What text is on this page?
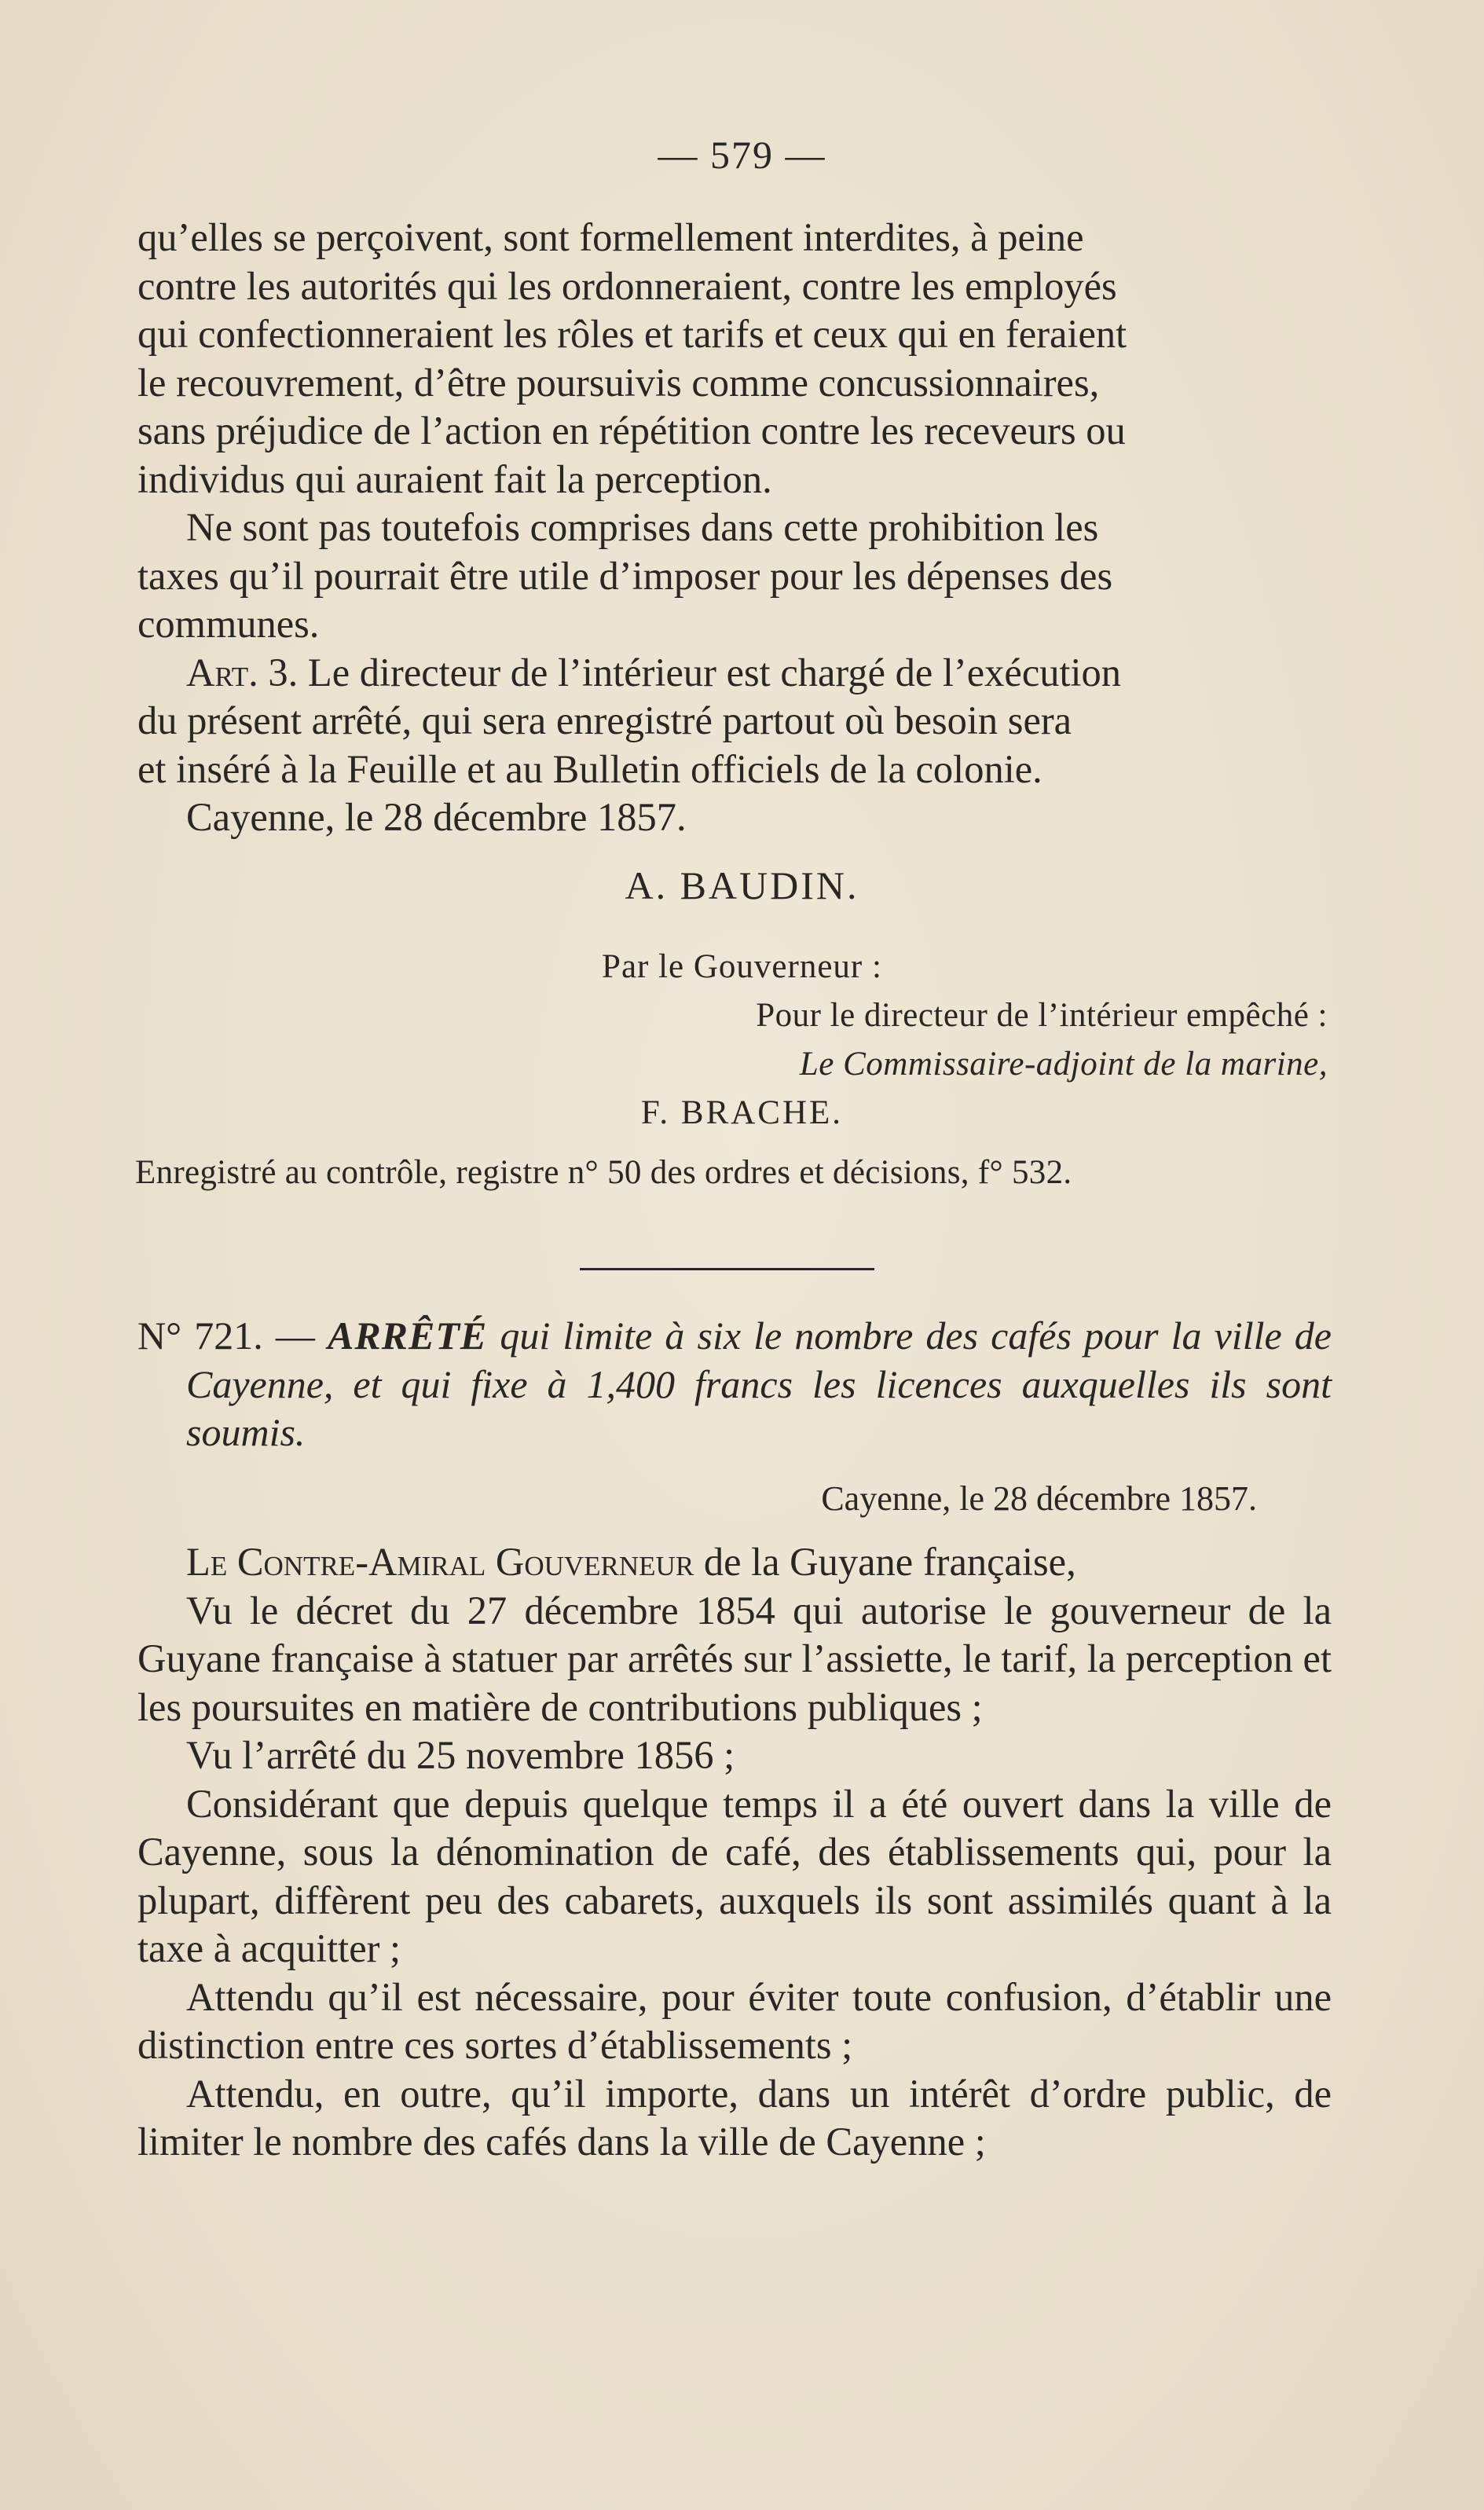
— 579 —

qu’elles se perçoivent, sont formellement interdites, à peine

contre les autorités qui les ordonneraient, contre les employés

qui confectionneraient les rôles et tarifs et ceux qui en feraient

le recouvrement, d’être poursuivis comme concussionnaires,

sans préjudice de l’action en répétition contre les receveurs ou

individus qui auraient fait la perception.

Ne sont pas toutefois comprises dans cette prohibition les

taxes qu’il pourrait être utile d’imposer pour les dépenses des

communes.

Art. 3. Le directeur de l’intérieur est chargé de l’exécution

du présent arrêté, qui sera enregistré partout où besoin sera

et inséré à la Feuille et au Bulletin officiels de la colonie.

Cayenne, le 28 décembre 1857.

A. BAUDIN.
Par le Gouverneur :
Pour le directeur de l’intérieur empêché :
Le Commissaire-adjoint de la marine,
F. BRACHE.
Enregistré au contrôle, registre n° 50 des ordres et décisions, f° 532.
N° 721. — ARRÊTÉ qui limite à six le nombre des cafés pour la ville de Cayenne, et qui fixe à 1,400 francs les licences auxquelles ils sont soumis.
Cayenne, le 28 décembre 1857.

Le Contre-Amiral Gouverneur de la Guyane française,

Vu le décret du 27 décembre 1854 qui autorise le gouverneur de la Guyane française à statuer par arrêtés sur l’assiette, le tarif, la perception et les poursuites en matière de contributions publiques ;
Vu l’arrêté du 25 novembre 1856 ;
Considérant que depuis quelque temps il a été ouvert dans la ville de Cayenne, sous la dénomination de café, des établissements qui, pour la plupart, diffèrent peu des cabarets, auxquels ils sont assimilés quant à la taxe à acquitter ;
Attendu qu’il est nécessaire, pour éviter toute confusion, d’établir une distinction entre ces sortes d’établissements ;
Attendu, en outre, qu’il importe, dans un intérêt d’ordre public, de limiter le nombre des cafés dans la ville de Cayenne ;
